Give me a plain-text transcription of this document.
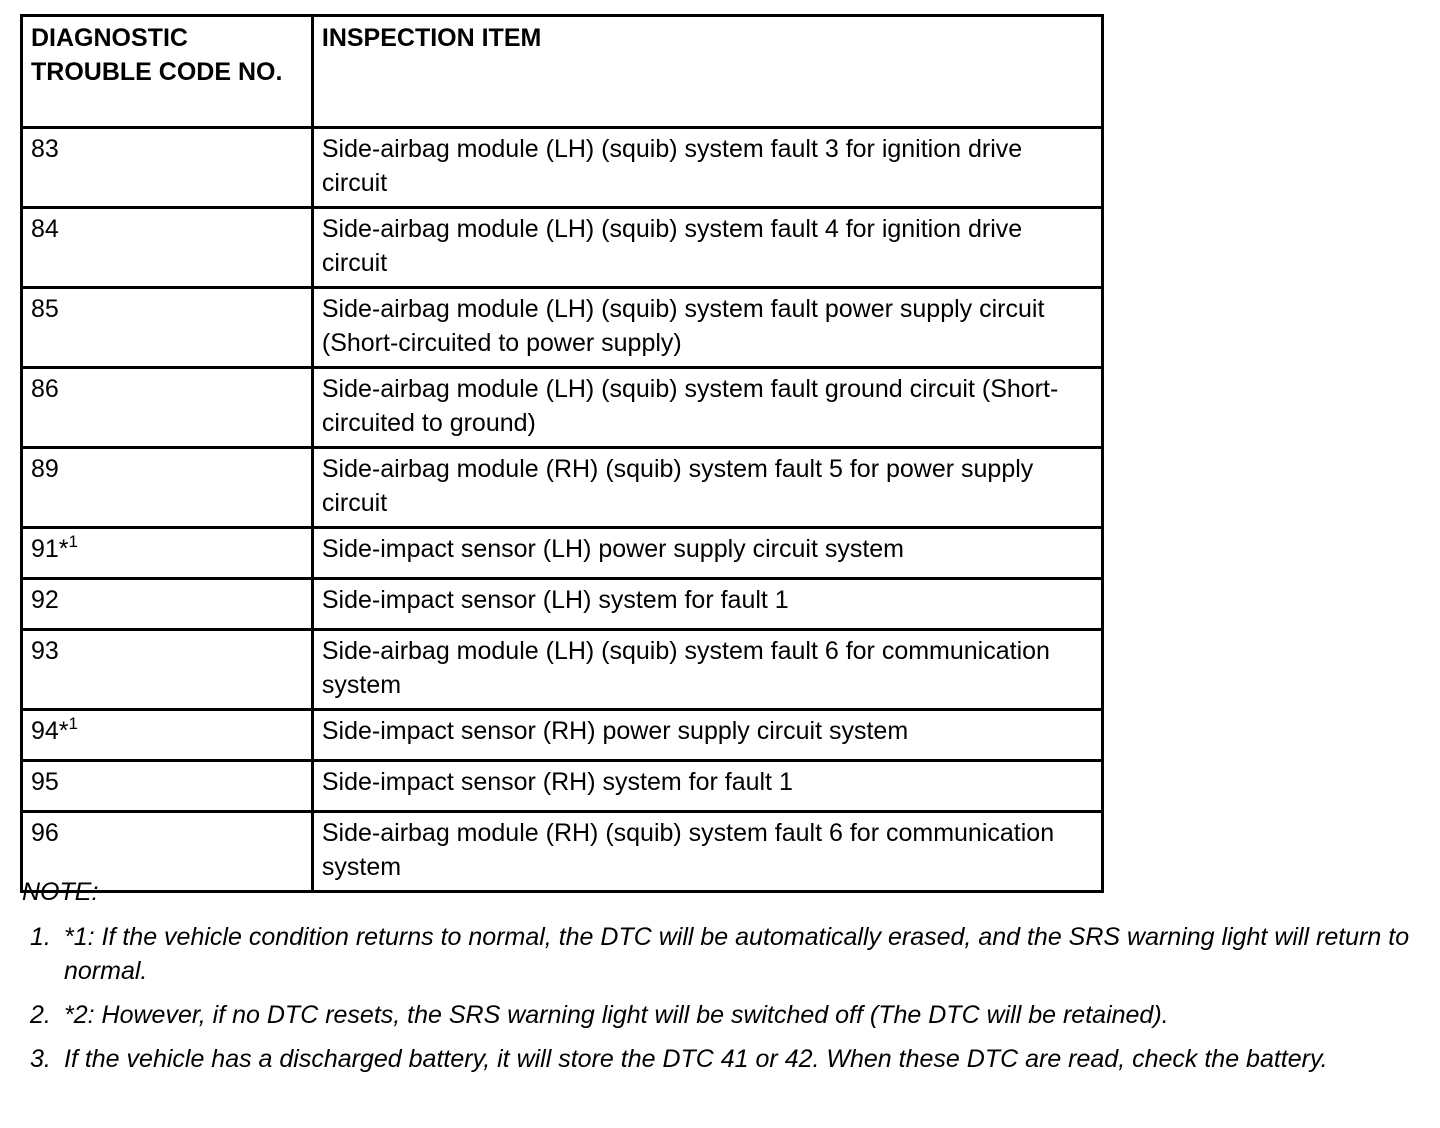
DIAGNOSTIC TROUBLE CODE NO.	INSPECTION ITEM
83	Side-airbag module (LH) (squib) system fault 3 for ignition drive circuit
84	Side-airbag module (LH) (squib) system fault 4 for ignition drive circuit
85	Side-airbag module (LH) (squib) system fault power supply circuit (Short-circuited to power supply)
86	Side-airbag module (LH) (squib) system fault ground circuit (Short-circuited to ground)
89	Side-airbag module (RH) (squib) system fault 5 for power supply circuit
91*$^1$	Side-impact sensor (LH) power supply circuit system
92	Side-impact sensor (LH) system for fault 1
93	Side-airbag module (LH) (squib) system fault 6 for communication system
94*$^1$	Side-impact sensor (RH) power supply circuit system
95	Side-impact sensor (RH) system for fault 1
96	Side-airbag module (RH) (squib) system fault 6 for communication system
NOTE:
1. *1: If the vehicle condition returns to normal, the DTC will be automatically erased, and the SRS warning light will return to normal.
2. *2: However, if no DTC resets, the SRS warning light will be switched off (The DTC will be retained).
3. If the vehicle has a discharged battery, it will store the DTC 41 or 42. When these DTC are read, check the battery.
